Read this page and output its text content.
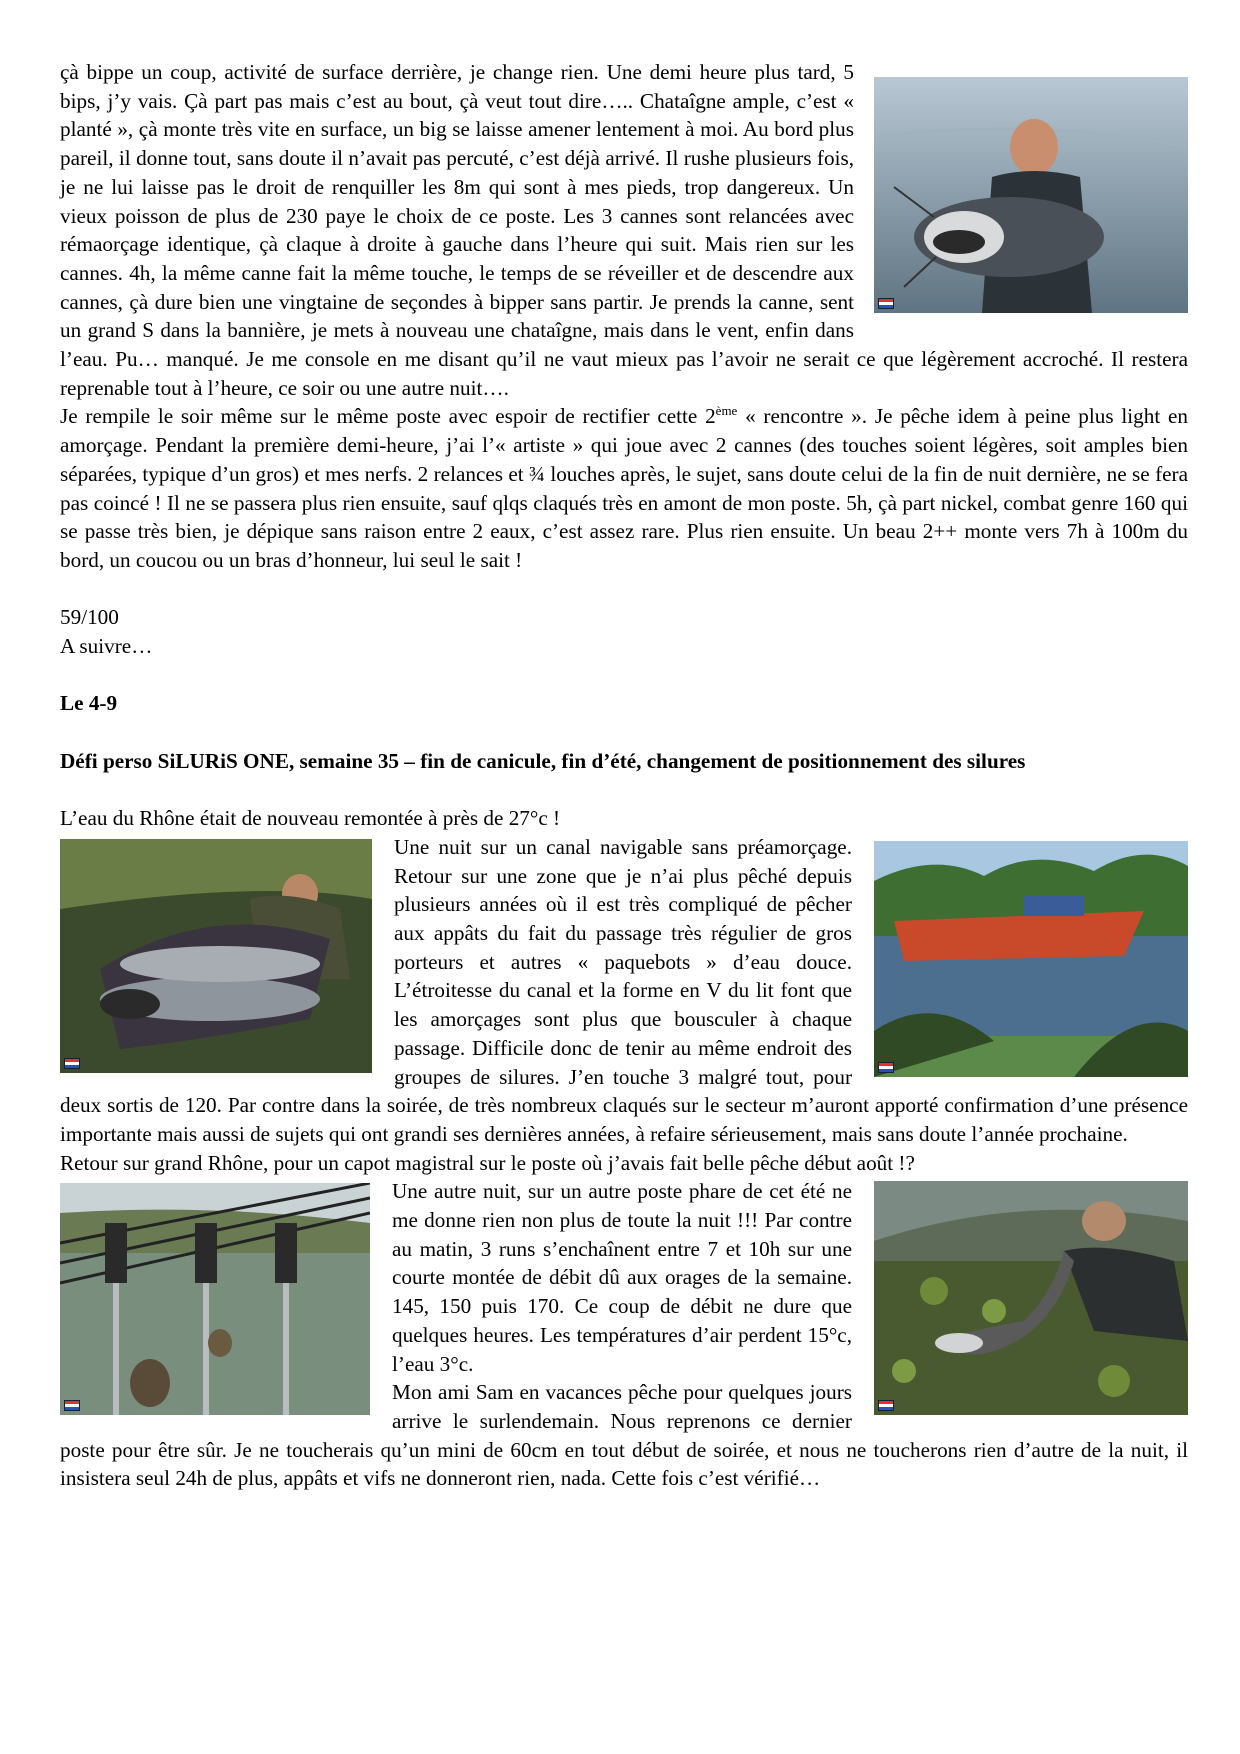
çà bippe un coup, activité de surface derrière, je change rien. Une demi heure plus tard, 5 bips, j’y vais. Çà part pas mais c’est au bout, çà veut tout dire….. Chataîgne ample, c’est « planté », çà monte très vite en surface, un big se laisse amener lentement à moi. Au bord plus pareil, il donne tout, sans doute il n’avait pas percuté, c’est déjà arrivé. Il rushe plusieurs fois, je ne lui laisse pas le droit de renquiller les 8m qui sont à mes pieds, trop dangereux. Un vieux poisson de plus de 230 paye le choix de ce poste. Les 3 cannes sont relancées avec rémaorçage identique, çà claque à droite à gauche dans l’heure qui suit. Mais rien sur les cannes. 4h, la même canne fait la même touche, le temps de se réveiller et de descendre aux cannes, çà dure bien une vingtaine de seçondes à bipper sans partir. Je prends la canne, sent un grand S dans la bannière, je mets à nouveau une chataîgne, mais dans le vent, enfin dans l’eau. Pu… manqué. Je me console en me disant qu’il ne vaut mieux pas l’avoir ne serait ce que légèrement accroché. Il restera reprenable tout à l’heure, ce soir ou une autre nuit….

Je rempile le soir même sur le même poste avec espoir de rectifier cette 2ème « rencontre ». Je pêche idem à peine plus light en amorçage. Pendant la première demi-heure, j’ai l’« artiste » qui joue avec 2 cannes (des touches soient légères, soit amples bien séparées, typique d’un gros) et mes nerfs. 2 relances et ¾ louches après, le sujet, sans doute celui de la fin de nuit dernière, ne se fera pas coincé ! Il ne se passera plus rien ensuite, sauf qlqs claqués très en amont de mon poste. 5h, çà part nickel, combat genre 160 qui se passe très bien, je dépique sans raison entre 2 eaux, c’est assez rare. Plus rien ensuite. Un beau 2++ monte vers 7h à 100m du bord, un coucou ou un bras d’honneur, lui seul le sait !

59/100

A suivre…

Le 4-9

Défi perso SiLURiS ONE, semaine 35 – fin de canicule, fin d’été, changement de positionnement des silures

L’eau du Rhône était de nouveau remontée à près de 27°c !

Une nuit sur un canal navigable sans préamorçage. Retour sur une zone que je n’ai plus pêché depuis plusieurs années où il est très compliqué de pêcher aux appâts du fait du passage très régulier de gros porteurs et autres « paquebots » d’eau douce. L’étroitesse du canal et la forme en V du lit font que les amorçages sont plus que bousculer à chaque passage. Difficile donc de tenir au même endroit des groupes de silures. J’en touche 3 malgré tout, pour deux sortis de 120. Par contre dans la soirée, de très nombreux claqués sur le secteur m’auront apporté confirmation d’une présence importante mais aussi de sujets qui ont grandi ses dernières années, à refaire sérieusement, mais sans doute l’année prochaine.

Retour sur grand Rhône, pour un capot magistral sur le poste où j’avais fait belle pêche début août !?

Une autre nuit, sur un autre poste phare de cet été ne me donne rien non plus de toute la nuit !!! Par contre au matin, 3 runs s’enchaînent entre 7 et 10h sur une courte montée de débit dû aux orages de la semaine. 145, 150 puis 170. Ce coup de débit ne dure que quelques heures. Les températures d’air perdent 15°c, l’eau 3°c.

Mon ami Sam en vacances pêche pour quelques jours arrive le surlendemain. Nous reprenons ce dernier poste pour être sûr. Je ne toucherais qu’un mini de 60cm en tout début de soirée, et nous ne toucherons rien d’autre de la nuit, il insistera seul 24h de plus, appâts et vifs ne donneront rien, nada. Cette fois c’est vérifié…
